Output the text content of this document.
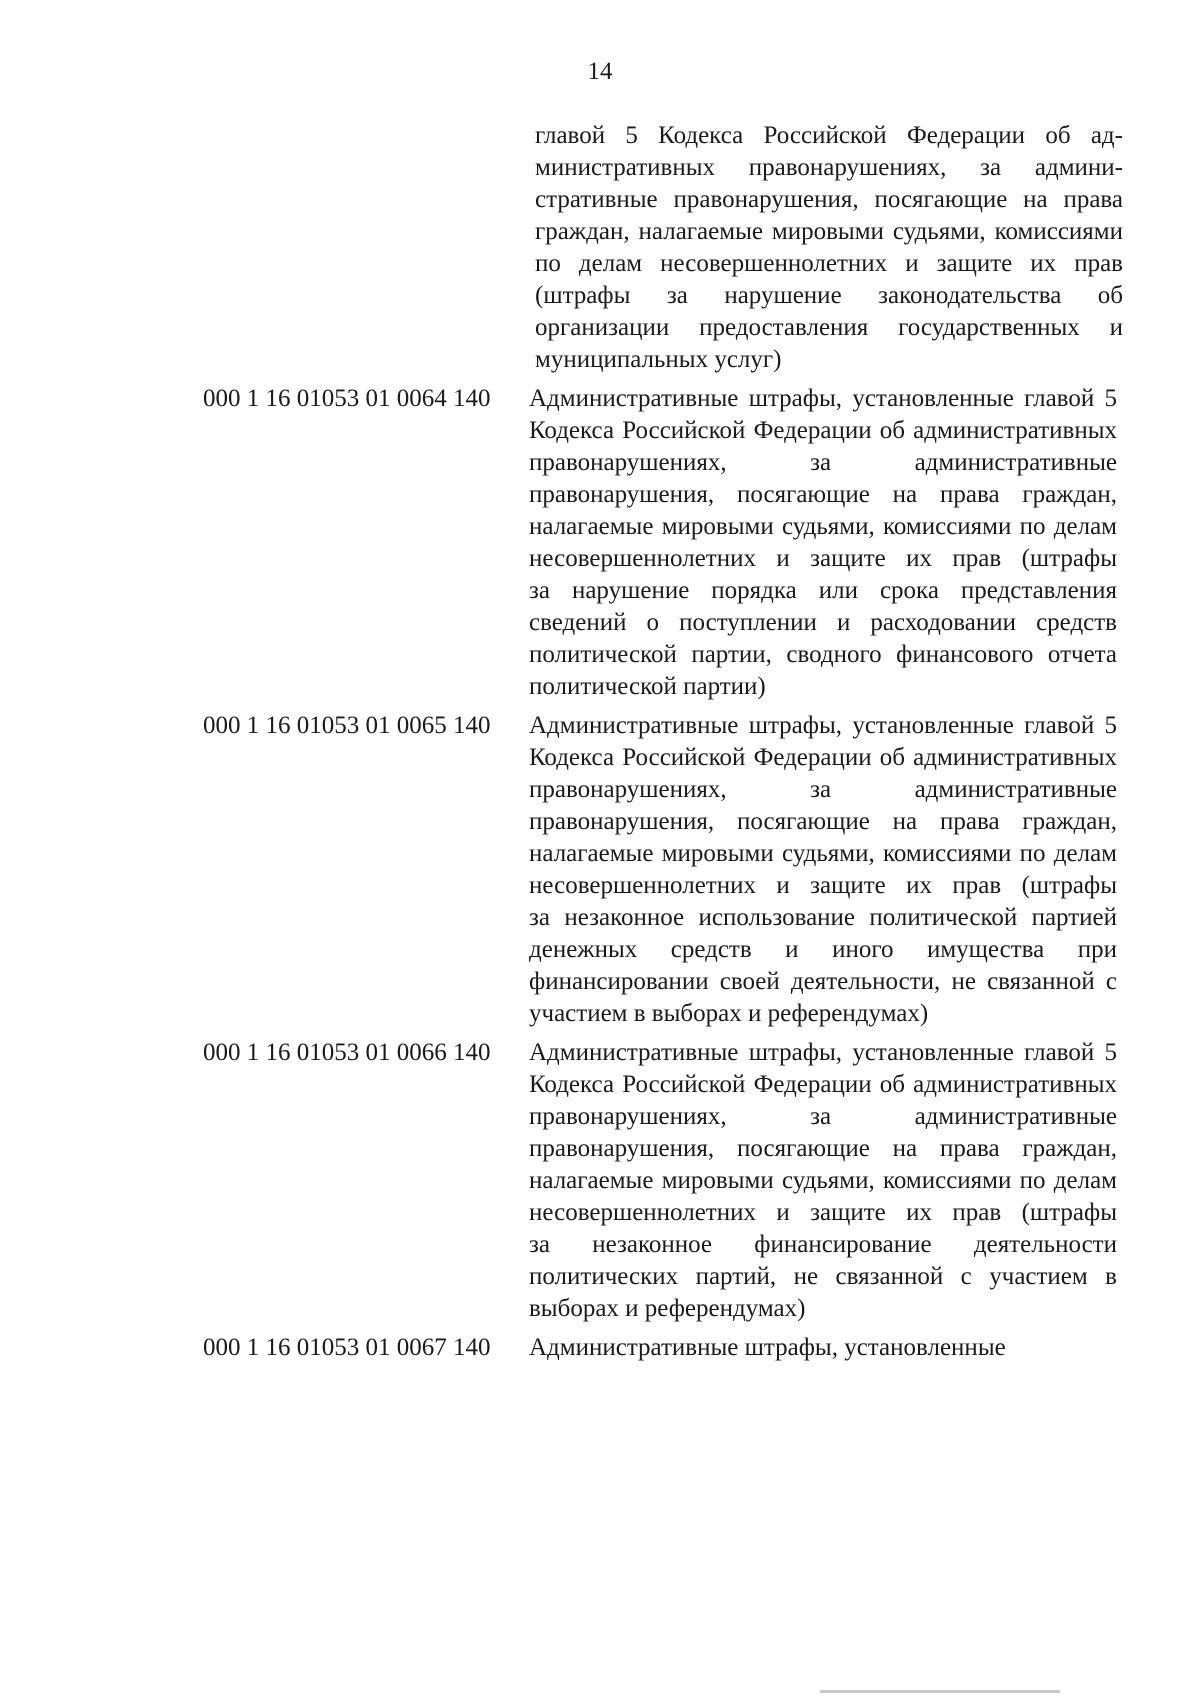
14
главой 5 Кодекса Российской Федерации об административных правонарушениях, за административные правонарушения, посягающие на права граждан, налагаемые мировыми судьями, комиссиями по делам несовершеннолетних и защите их прав (штрафы за нарушение законодательства об организации предоставления государственных и муниципальных услуг)
000 1 16 01053 01 0064 140	Административные штрафы, установленные главой 5 Кодекса Российской Федерации об административных правонарушениях, за административные правонарушения, посягающие на права граждан, налагаемые мировыми судьями, комиссиями по делам несовершеннолетних и защите их прав (штрафы за нарушение порядка или срока представления сведений о поступлении и расходовании средств политической партии, сводного финансового отчета политической партии)
000 1 16 01053 01 0065 140	Административные штрафы, установленные главой 5 Кодекса Российской Федерации об административных правонарушениях, за административные правонарушения, посягающие на права граждан, налагаемые мировыми судьями, комиссиями по делам несовершеннолетних и защите их прав (штрафы за незаконное использование политической партией денежных средств и иного имущества при финансировании своей деятельности, не связанной с участием в выборах и референдумах)
000 1 16 01053 01 0066 140	Административные штрафы, установленные главой 5 Кодекса Российской Федерации об административных правонарушениях, за административные правонарушения, посягающие на права граждан, налагаемые мировыми судьями, комиссиями по делам несовершеннолетних и защите их прав (штрафы за незаконное финансирование деятельности политических партий, не связанной с участием в выборах и референдумах)
000 1 16 01053 01 0067 140	Административные штрафы, установленные
